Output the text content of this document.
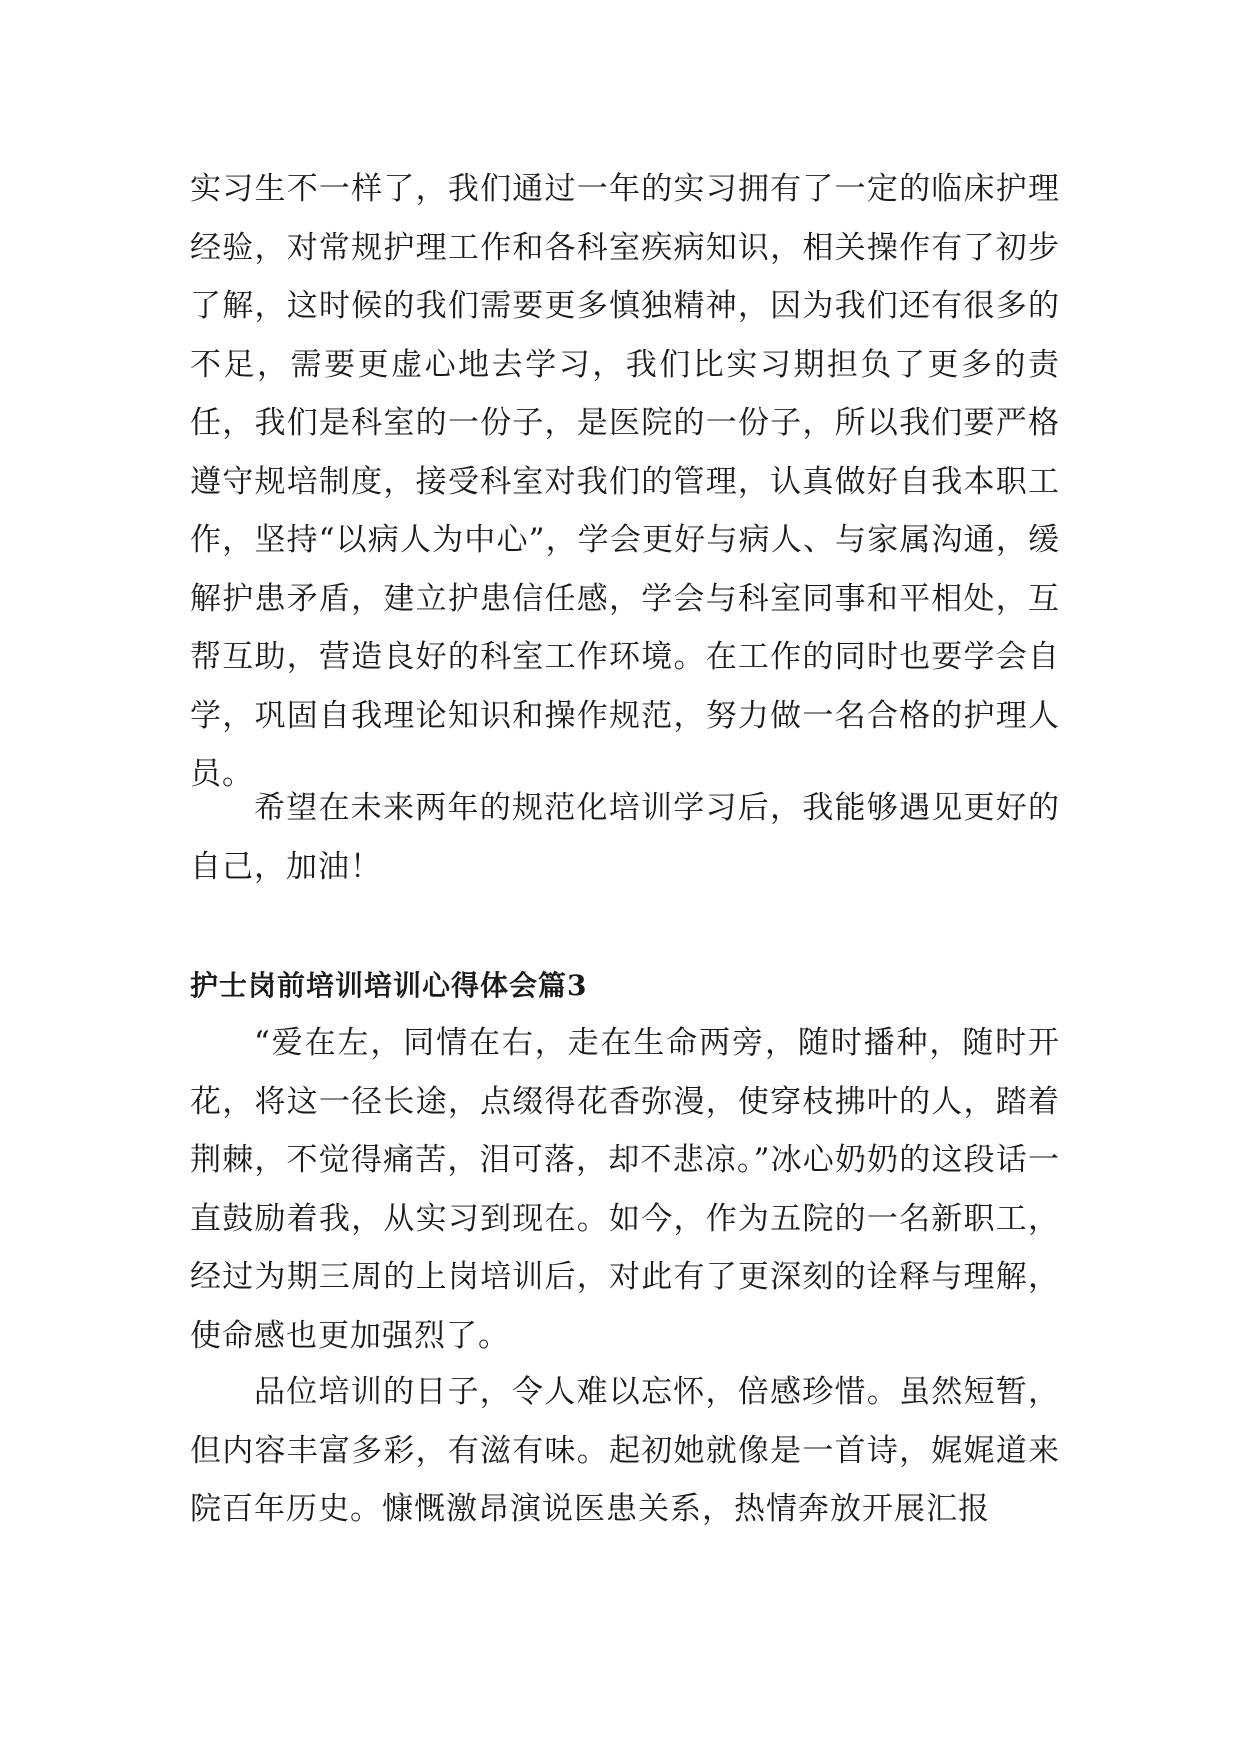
实习生不一样了，我们通过一年的实习拥有了一定的临床护理经验，对常规护理工作和各科室疾病知识，相关操作有了初步了解，这时候的我们需要更多慎独精神，因为我们还有很多的不足，需要更虚心地去学习，我们比实习期担负了更多的责任，我们是科室的一份子，是医院的一份子，所以我们要严格遵守规培制度，接受科室对我们的管理，认真做好自我本职工作，坚持“以病人为中心”，学会更好与病人、与家属沟通，缓解护患矛盾，建立护患信任感，学会与科室同事和平相处，互帮互助，营造良好的科室工作环境。在工作的同时也要学会自学，巩固自我理论知识和操作规范，努力做一名合格的护理人员。

希望在未来两年的规范化培训学习后，我能够遇见更好的自己，加油！

护士岗前培训培训心得体会篇3

“爱在左，同情在右，走在生命两旁，随时播种，随时开花，将这一径长途，点缀得花香弥漫，使穿枝拂叶的人，踏着荆棘，不觉得痛苦，泪可落，却不悲凉。”冰心奶奶的这段话一直鼓励着我，从实习到现在。如今，作为五院的一名新职工，经过为期三周的上岗培训后，对此有了更深刻的诠释与理解，使命感也更加强烈了。

品位培训的日子，令人难以忘怀，倍感珍惜。虽然短暂，但内容丰富多彩，有滋有味。起初她就像是一首诗，娓娓道来院百年历史。慷慨激昂演说医患关系，热情奔放开展汇报
